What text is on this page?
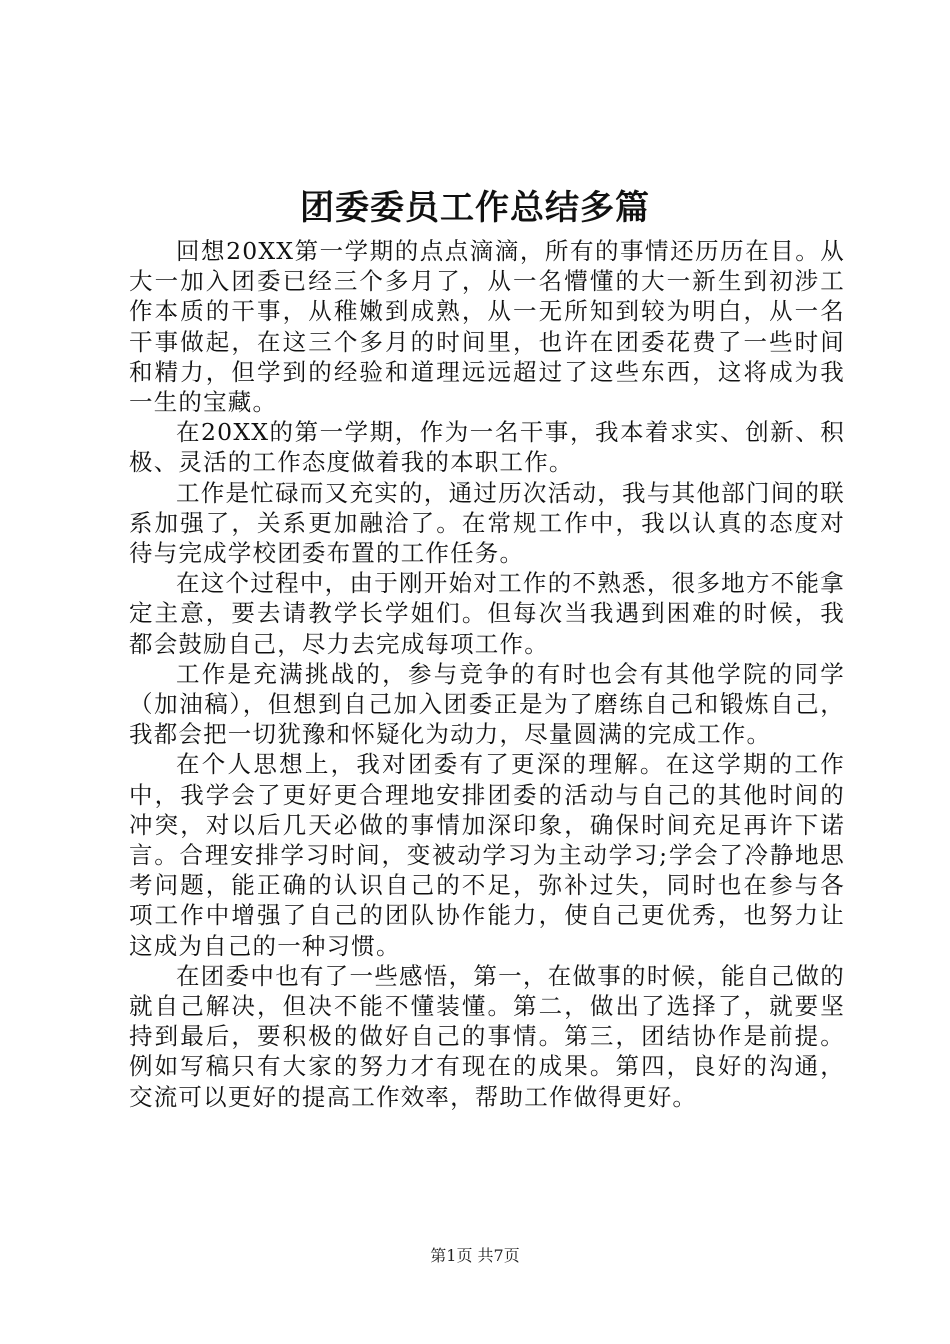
团委委员工作总结多篇

回想20XX第一学期的点点滴滴，所有的事情还历历在目。从大一加入团委已经三个多月了，从一名懵懂的大一新生到初涉工作本质的干事，从稚嫩到成熟，从一无所知到较为明白，从一名干事做起，在这三个多月的时间里，也许在团委花费了一些时间和精力，但学到的经验和道理远远超过了这些东西，这将成为我一生的宝藏。

在20XX的第一学期，作为一名干事，我本着求实、创新、积极、灵活的工作态度做着我的本职工作。

工作是忙碌而又充实的，通过历次活动，我与其他部门间的联系加强了，关系更加融洽了。在常规工作中，我以认真的态度对待与完成学校团委布置的工作任务。

在这个过程中，由于刚开始对工作的不熟悉，很多地方不能拿定主意，要去请教学长学姐们。但每次当我遇到困难的时候，我都会鼓励自己，尽力去完成每项工作。

工作是充满挑战的，参与竞争的有时也会有其他学院的同学（加油稿），但想到自己加入团委正是为了磨练自己和锻炼自己，我都会把一切犹豫和怀疑化为动力，尽量圆满的完成工作。

在个人思想上，我对团委有了更深的理解。在这学期的工作中，我学会了更好更合理地安排团委的活动与自己的其他时间的冲突，对以后几天必做的事情加深印象，确保时间充足再许下诺言。合理安排学习时间，变被动学习为主动学习;学会了冷静地思考问题，能正确的认识自己的不足，弥补过失，同时也在参与各项工作中增强了自己的团队协作能力，使自己更优秀，也努力让这成为自己的一种习惯。

在团委中也有了一些感悟，第一，在做事的时候，能自己做的就自己解决，但决不能不懂装懂。第二，做出了选择了，就要坚持到最后，要积极的做好自己的事情。第三，团结协作是前提。例如写稿只有大家的努力才有现在的成果。第四，良好的沟通，交流可以更好的提高工作效率，帮助工作做得更好。

第1页 共7页
